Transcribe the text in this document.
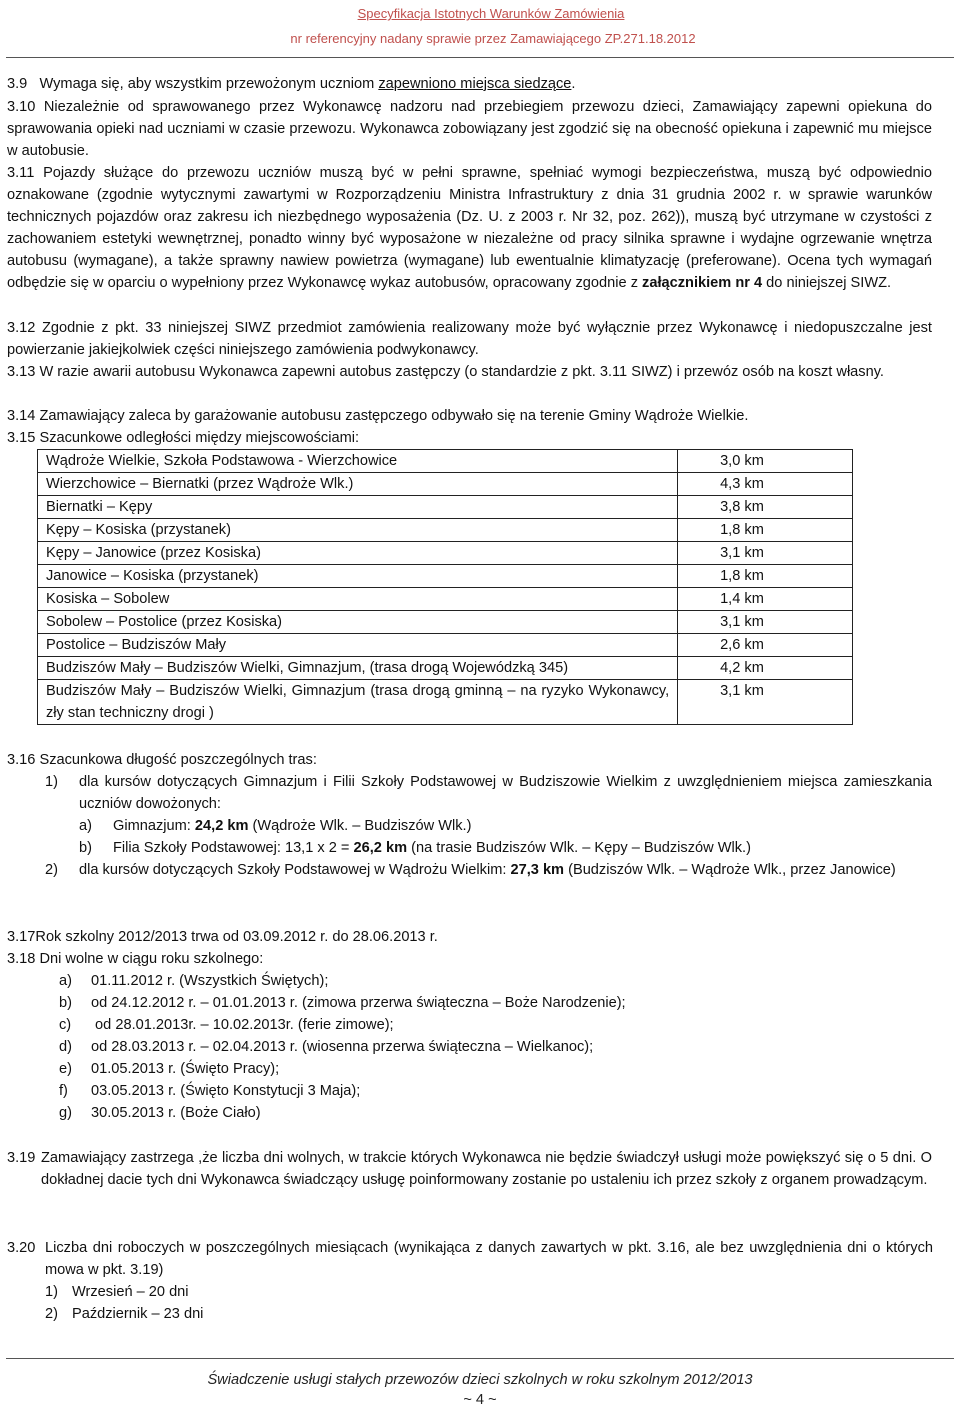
Specyfikacja Istotnych Warunków Zamówienia
nr referencyjny nadany sprawie przez Zamawiającego ZP.271.18.2012
3.9 Wymaga się, aby wszystkim przewożonym uczniom zapewniono miejsca siedzące.
3.10 Niezależnie od sprawowanego przez Wykonawcę nadzoru nad przebiegiem przewozu dzieci, Zamawiający zapewni opiekuna do sprawowania opieki nad uczniami w czasie przewozu. Wykonawca zobowiązany jest zgodzić się na obecność opiekuna i zapewnić mu miejsce w autobusie.
3.11 Pojazdy służące do przewozu uczniów muszą być w pełni sprawne, spełniać wymogi bezpieczeństwa, muszą być odpowiednio oznakowane (zgodnie wytycznymi zawartymi w Rozporządzeniu Ministra Infrastruktury z dnia 31 grudnia 2002 r. w sprawie warunków technicznych pojazdów oraz zakresu ich niezbędnego wyposażenia (Dz. U. z 2003 r. Nr 32, poz. 262)), muszą być utrzymane w czystości z zachowaniem estetyki wewnętrznej, ponadto winny być wyposażone w niezależne od pracy silnika sprawne i wydajne ogrzewanie wnętrza autobusu (wymagane), a także sprawny nawiew powietrza (wymagane) lub ewentualnie klimatyzację (preferowane). Ocena tych wymagań odbędzie się w oparciu o wypełniony przez Wykonawcę wykaz autobusów, opracowany zgodnie z załącznikiem nr 4 do niniejszej SIWZ.
3.12 Zgodnie z pkt. 33 niniejszej SIWZ przedmiot zamówienia realizowany może być wyłącznie przez Wykonawcę i niedopuszczalne jest powierzanie jakiejkolwiek części niniejszego zamówienia podwykonawcy.
3.13 W razie awarii autobusu Wykonawca zapewni autobus zastępczy (o standardzie z pkt. 3.11 SIWZ) i przewóz osób na koszt własny.
3.14 Zamawiający zaleca by garażowanie autobusu zastępczego odbywało się na terenie Gminy Wądroże Wielkie.
3.15 Szacunkowe odległości między miejscowościami:
Wądroże Wielkie, Szkoła Podstawowa - Wierzchowice	3,0 km
Wierzchowice – Biernatki (przez Wądroże Wlk.)	4,3 km
Biernatki – Kępy	3,8 km
Kępy – Kosiska (przystanek)	1,8 km
Kępy – Janowice (przez Kosiska)	3,1 km
Janowice – Kosiska (przystanek)	1,8 km
Kosiska – Sobolew	1,4 km
Sobolew – Postolice (przez Kosiska)	3,1 km
Postolice – Budziszów Mały	2,6 km
Budziszów Mały – Budziszów Wielki, Gimnazjum, (trasa drogą Wojewódzką 345)	4,2 km
Budziszów Mały – Budziszów Wielki, Gimnazjum (trasa drogą gminną – na ryzyko Wykonawcy, zły stan techniczny drogi )	3,1 km
3.16 Szacunkowa długość poszczególnych tras:
1)	dla kursów dotyczących Gimnazjum i Filii Szkoły Podstawowej w Budziszowie Wielkim z uwzględnieniem miejsca zamieszkania uczniów dowożonych:
a)	Gimnazjum: 24,2 km (Wądroże Wlk. – Budziszów Wlk.)
b)	Filia Szkoły Podstawowej: 13,1 x 2 = 26,2 km (na trasie Budziszów Wlk. – Kępy – Budziszów Wlk.)
2)	dla kursów dotyczących Szkoły Podstawowej w Wądrożu Wielkim: 27,3 km (Budziszów Wlk. – Wądroże Wlk., przez Janowice)
3.17Rok szkolny 2012/2013 trwa od 03.09.2012 r. do 28.06.2013 r.
3.18 Dni wolne w ciągu roku szkolnego:
a)	01.11.2012 r. (Wszystkich Świętych);
b)	od 24.12.2012 r. – 01.01.2013 r. (zimowa przerwa świąteczna – Boże Narodzenie);
c)	od 28.01.2013r. – 10.02.2013r. (ferie zimowe);
d)	od 28.03.2013 r. – 02.04.2013 r. (wiosenna przerwa świąteczna – Wielkanoc);
e)	01.05.2013 r. (Święto Pracy);
f)	03.05.2013 r. (Święto Konstytucji 3 Maja);
g)	30.05.2013 r. (Boże Ciało)
3.19 Zamawiający zastrzega ,że liczba dni wolnych, w trakcie których Wykonawca nie będzie świadczył usługi może powiększyć się o 5 dni. O dokładnej dacie tych dni Wykonawca świadczący usługę poinformowany zostanie po ustaleniu ich przez szkoły z organem prowadzącym.
3.20 Liczba dni roboczych w poszczególnych miesiącach (wynikająca z danych zawartych w pkt. 3.16, ale bez uwzględnienia dni o których mowa w pkt. 3.19)
1) Wrzesień – 20 dni
2) Październik – 23 dni
Świadczenie usługi stałych przewozów dzieci szkolnych w roku szkolnym 2012/2013
~ 4 ~
